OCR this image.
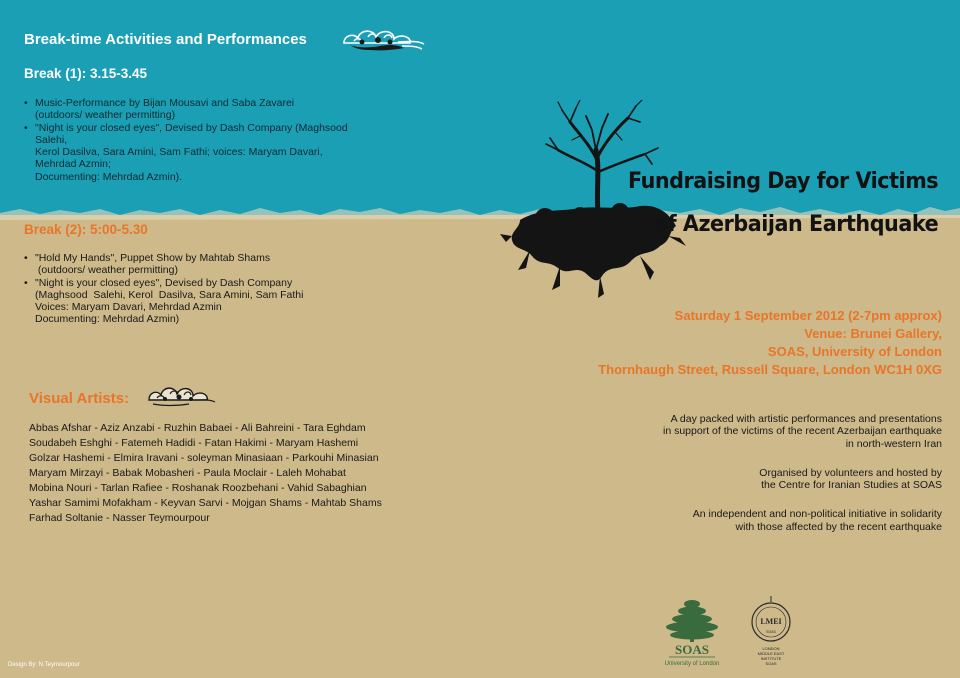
Break-time Activities and Performances
Break (1): 3.15-3.45
• Music-Performance by Bijan Mousavi and Saba Zavarei
(outdoors/ weather permitting)
• "Night is your closed eyes", Devised by Dash Company (Maghsood
Salehi,
Kerol Dasilva, Sara Amini, Sam Fathi; voices: Maryam Davari,
Mehrdad Azmin;
Documenting: Mehrdad Azmin).
Break (2): 5:00-5.30
• "Hold My Hands", Puppet Show by Mahtab Shams
(outdoors/ weather permitting)
• "Night is your closed eyes", Devised by Dash Company
(Maghsood  Salehi, Kerol  Dasilva, Sara Amini, Sam Fathi
Voices: Maryam Davari, Mehrdad Azmin
Documenting: Mehrdad Azmin)
Visual Artists:
Abbas Afshar - Aziz Anzabi - Ruzhin Babaei - Ali Bahreini - Tara Eghdam
Soudabeh Eshghi - Fatemeh Hadidi - Fatan Hakimi - Maryam Hashemi
Golzar Hashemi - Elmira Iravani - soleyman Minasiaan - Parkouhi Minasian
Maryam Mirzayi - Babak Mobasheri - Paula Moclair - Laleh Mohabat
Mobina Nouri - Tarlan Rafiee - Roshanak Roozbehani - Vahid Sabaghian
Yashar Samimi Mofakham - Keyvan Sarvi - Mojgan Shams - Mahtab Shams
Farhad Soltanie - Nasser Teymourpour
Design By: N.Teymourpour
Fundraising Day for Victims
of Azerbaijan Earthquake
Saturday 1 September 2012 (2-7pm approx)
Venue: Brunei Gallery,
SOAS, University of London
Thornhaugh Street, Russell Square, London WC1H 0XG

A day packed with artistic performances and presentations
in support of the victims of the recent Azerbaijan earthquake
in north-western Iran

Organised by volunteers and hosted by
the Centre for Iranian Studies at SOAS

An independent and non-political initiative in solidarity
with those affected by the recent earthquake

SOAS
University of London
LMEI
SOAS
LONDON
MIDDLE EAST
INSTITUTE
SOAS
